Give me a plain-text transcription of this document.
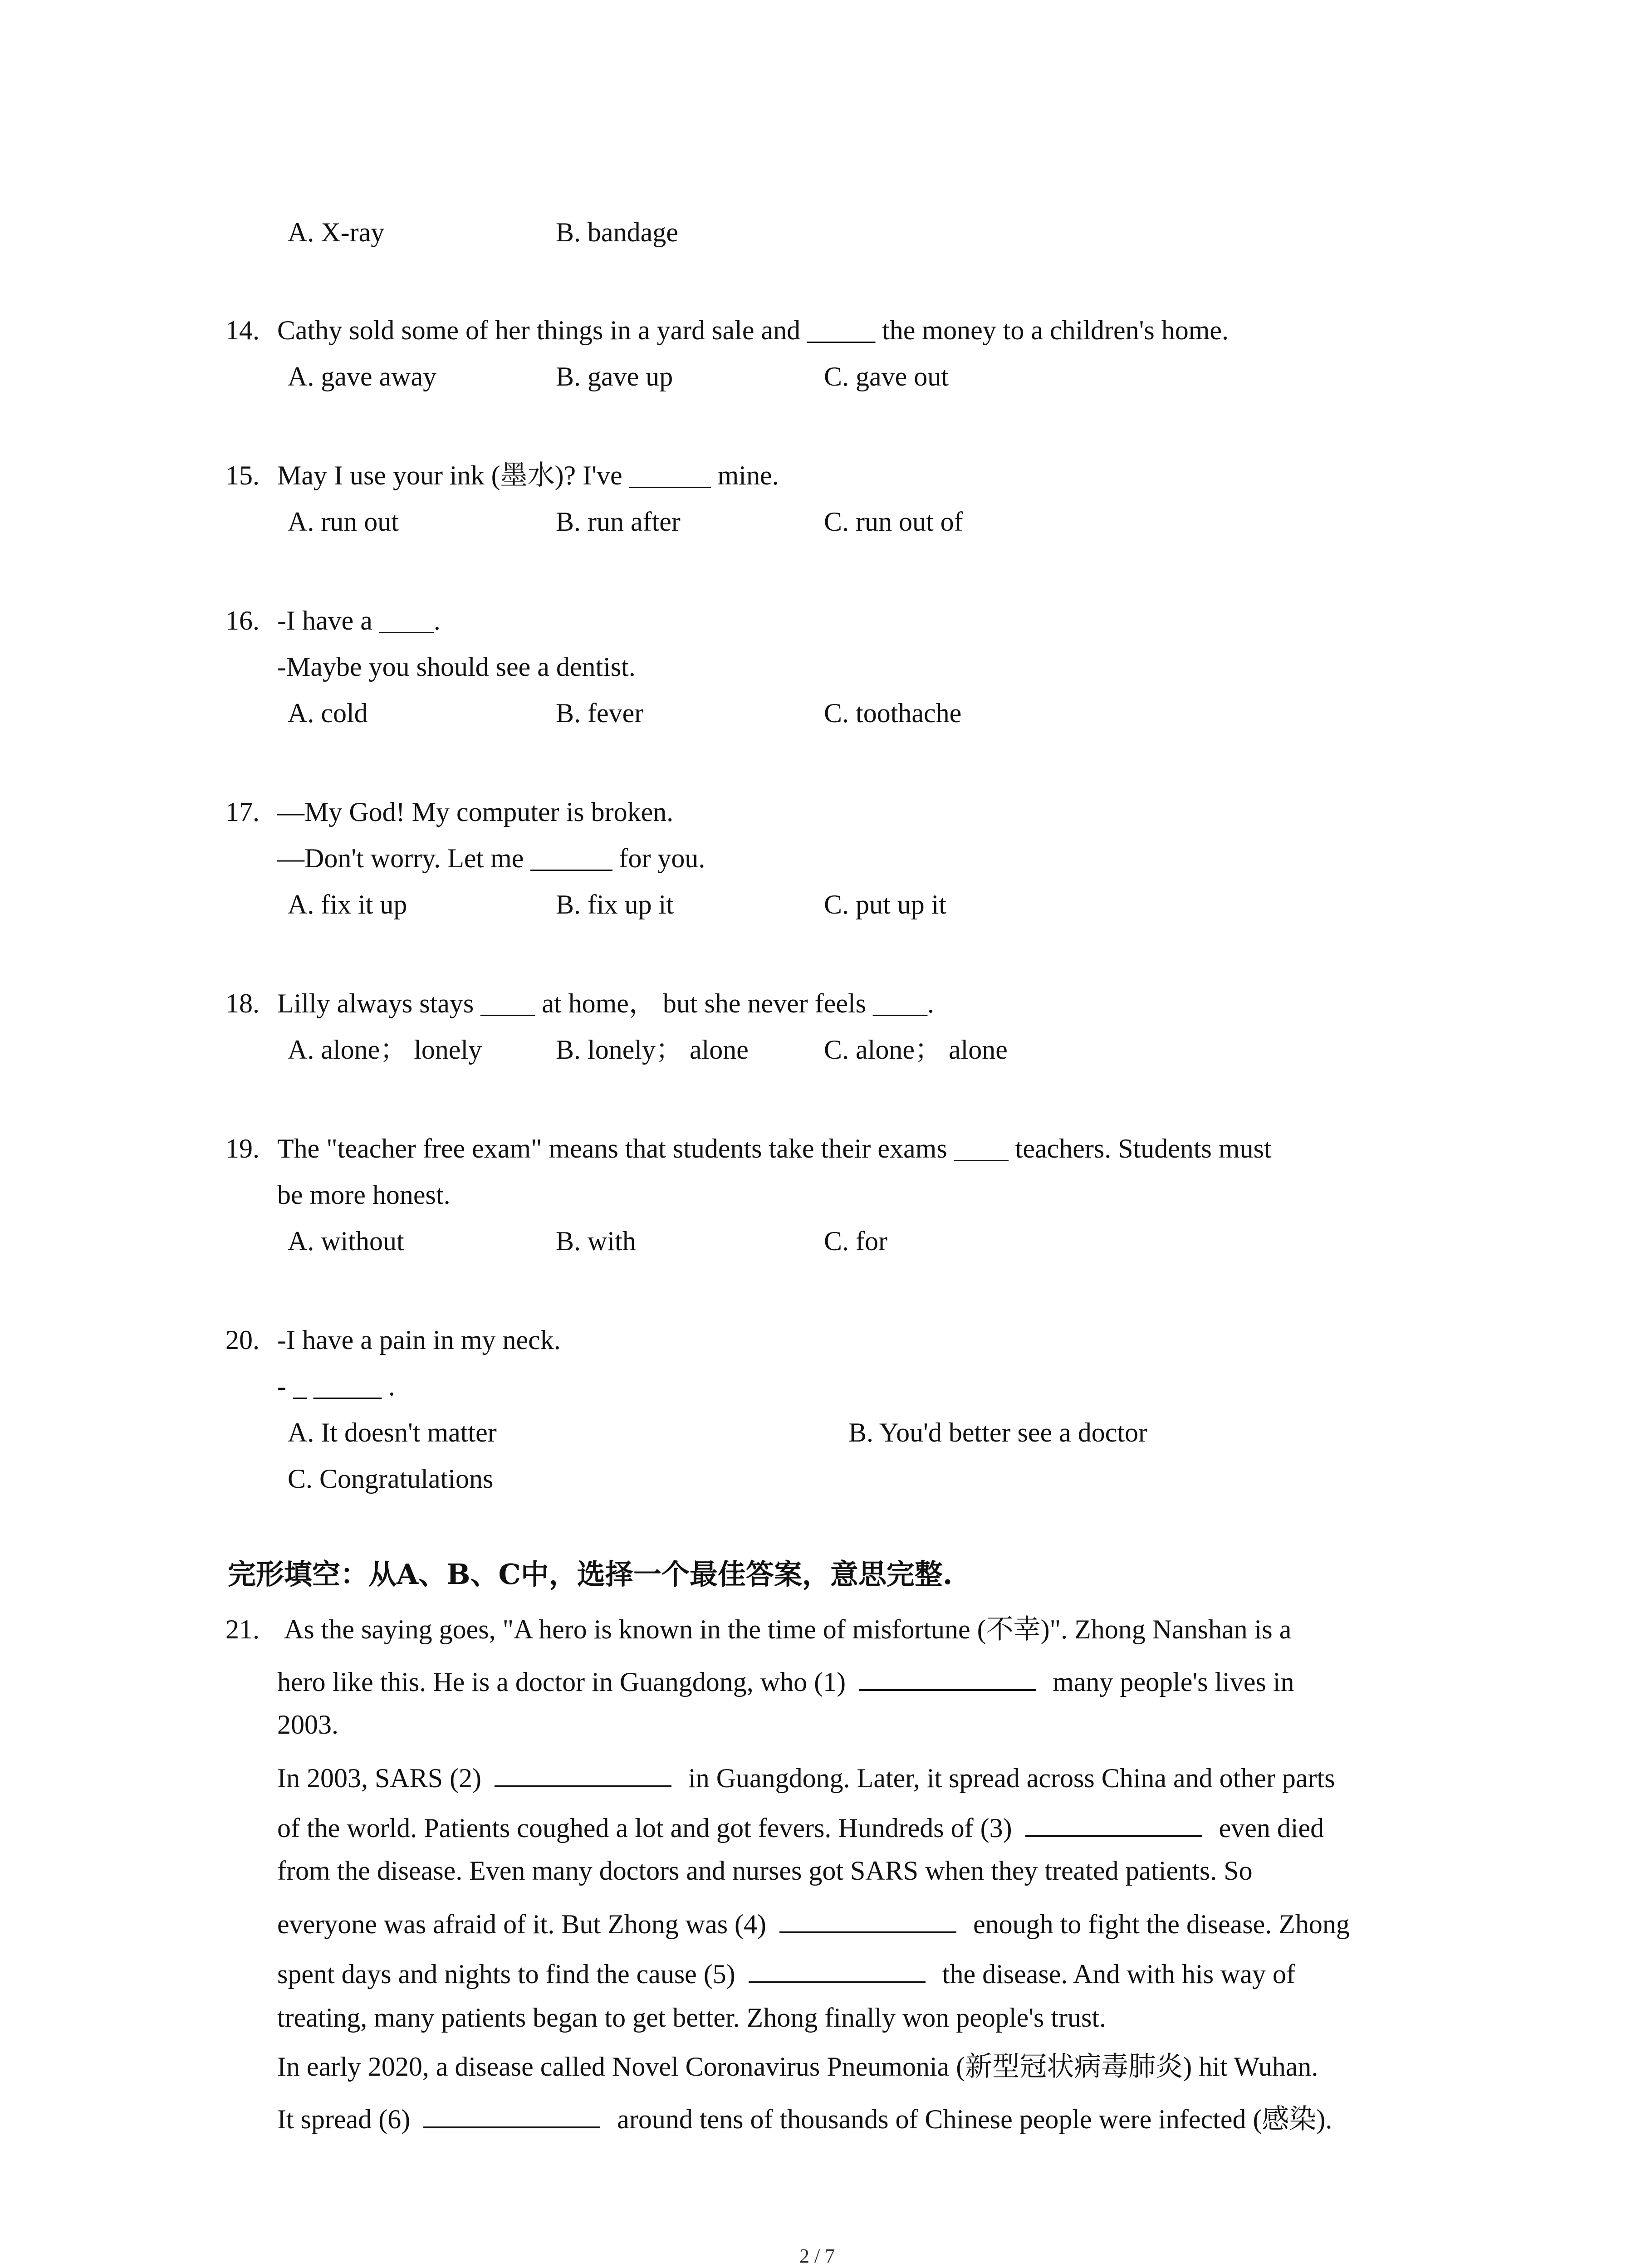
A. X-ray	B. bandage
14. Cathy sold some of her things in a yard sale and _____ the money to a children's home.
A. gave away	B. gave up	C. gave out
15. May I use your ink (墨水)? I've ______ mine.
A. run out	B. run after	C. run out of
16. -I have a ____.
-Maybe you should see a dentist.
A. cold	B. fever	C. toothache
17. —My God! My computer is broken.
—Don't worry. Let me ______ for you.
A. fix it up	B. fix up it	C. put up it
18. Lilly always stays ____ at home， but she never feels ____.
A. alone； lonely	B. lonely； alone	C. alone； alone
19. The "teacher free exam" means that students take their exams ____ teachers. Students must
be more honest.
A. without	B. with	C. for
20. -I have a pain in my neck.
- _ _____ .
A. It doesn't matter	B. You'd better see a doctor
C. Congratulations
完形填空：从A、B、C中，选择一个最佳答案，意思完整.
21. As the saying goes, "A hero is known in the time of misfortune (不幸)". Zhong Nanshan is a
hero like this. He is a doctor in Guangdong, who (1)	many people's lives in
2003.
In 2003, SARS (2)	in Guangdong. Later, it spread across China and other parts
of the world. Patients coughed a lot and got fevers. Hundreds of (3)	even died
from the disease. Even many doctors and nurses got SARS when they treated patients. So
everyone was afraid of it. But Zhong was (4)	enough to fight the disease. Zhong
spent days and nights to find the cause (5)	the disease. And with his way of
treating, many patients began to get better. Zhong finally won people's trust.
In early 2020, a disease called Novel Coronavirus Pneumonia (新型冠状病毒肺炎) hit Wuhan.
It spread (6)	around tens of thousands of Chinese people were infected (感染).
2 / 7
